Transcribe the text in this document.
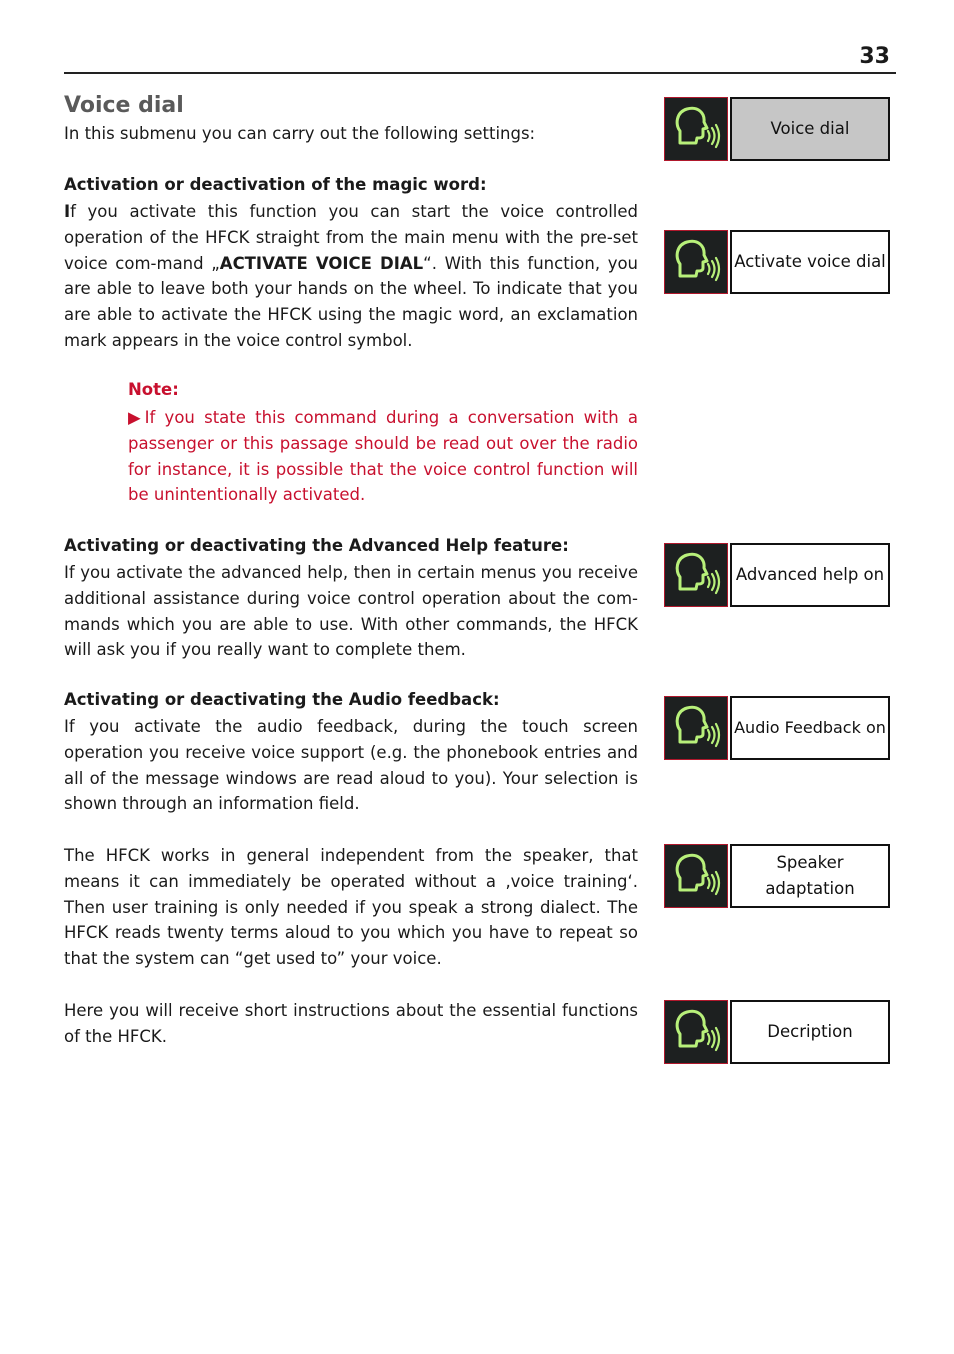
33
Voice dial

In this submenu you can carry out the following settings:

Activation or deactivation of the magic word:

If you activate this function you can start the voice controlled operation of the HFCK straight from the main menu with the pre-set voice com-mand „ACTIVATE VOICE DIAL“. With this function, you are able to leave both your hands on the wheel. To indicate that you are able to activate the HFCK using the magic word, an exclamation mark appears in the voice control symbol.

Note:

▶If you state this command during a conversation with a passenger or this passage should be read out over the radio for instance, it is possible that the voice control function will be unintentionally activated.

Activating or deactivating the Advanced Help feature:

If you activate the advanced help, then in certain menus you receive additional assistance during voice control operation about the com-mands which you are able to use. With other commands, the HFCK will ask you if you really want to complete them.

Activating or deactivating the Audio feedback:

If you activate the audio feedback, during the touch screen operation you receive voice support (e.g. the phonebook entries and all of the message windows are read aloud to you). Your selection is shown through an information field.

The HFCK works in general independent from the speaker, that means it can immediately be operated without a ‚voice training‘. Then user training is only needed if you speak a strong dialect. The HFCK reads twenty terms aloud to you which you have to repeat so that the system can “get used to” your voice.

Here you will receive short instructions about the essential functions of the HFCK.

Voice dial
Activate voice dial
Advanced help on
Audio Feedback on
Speaker adaptation
Decription
